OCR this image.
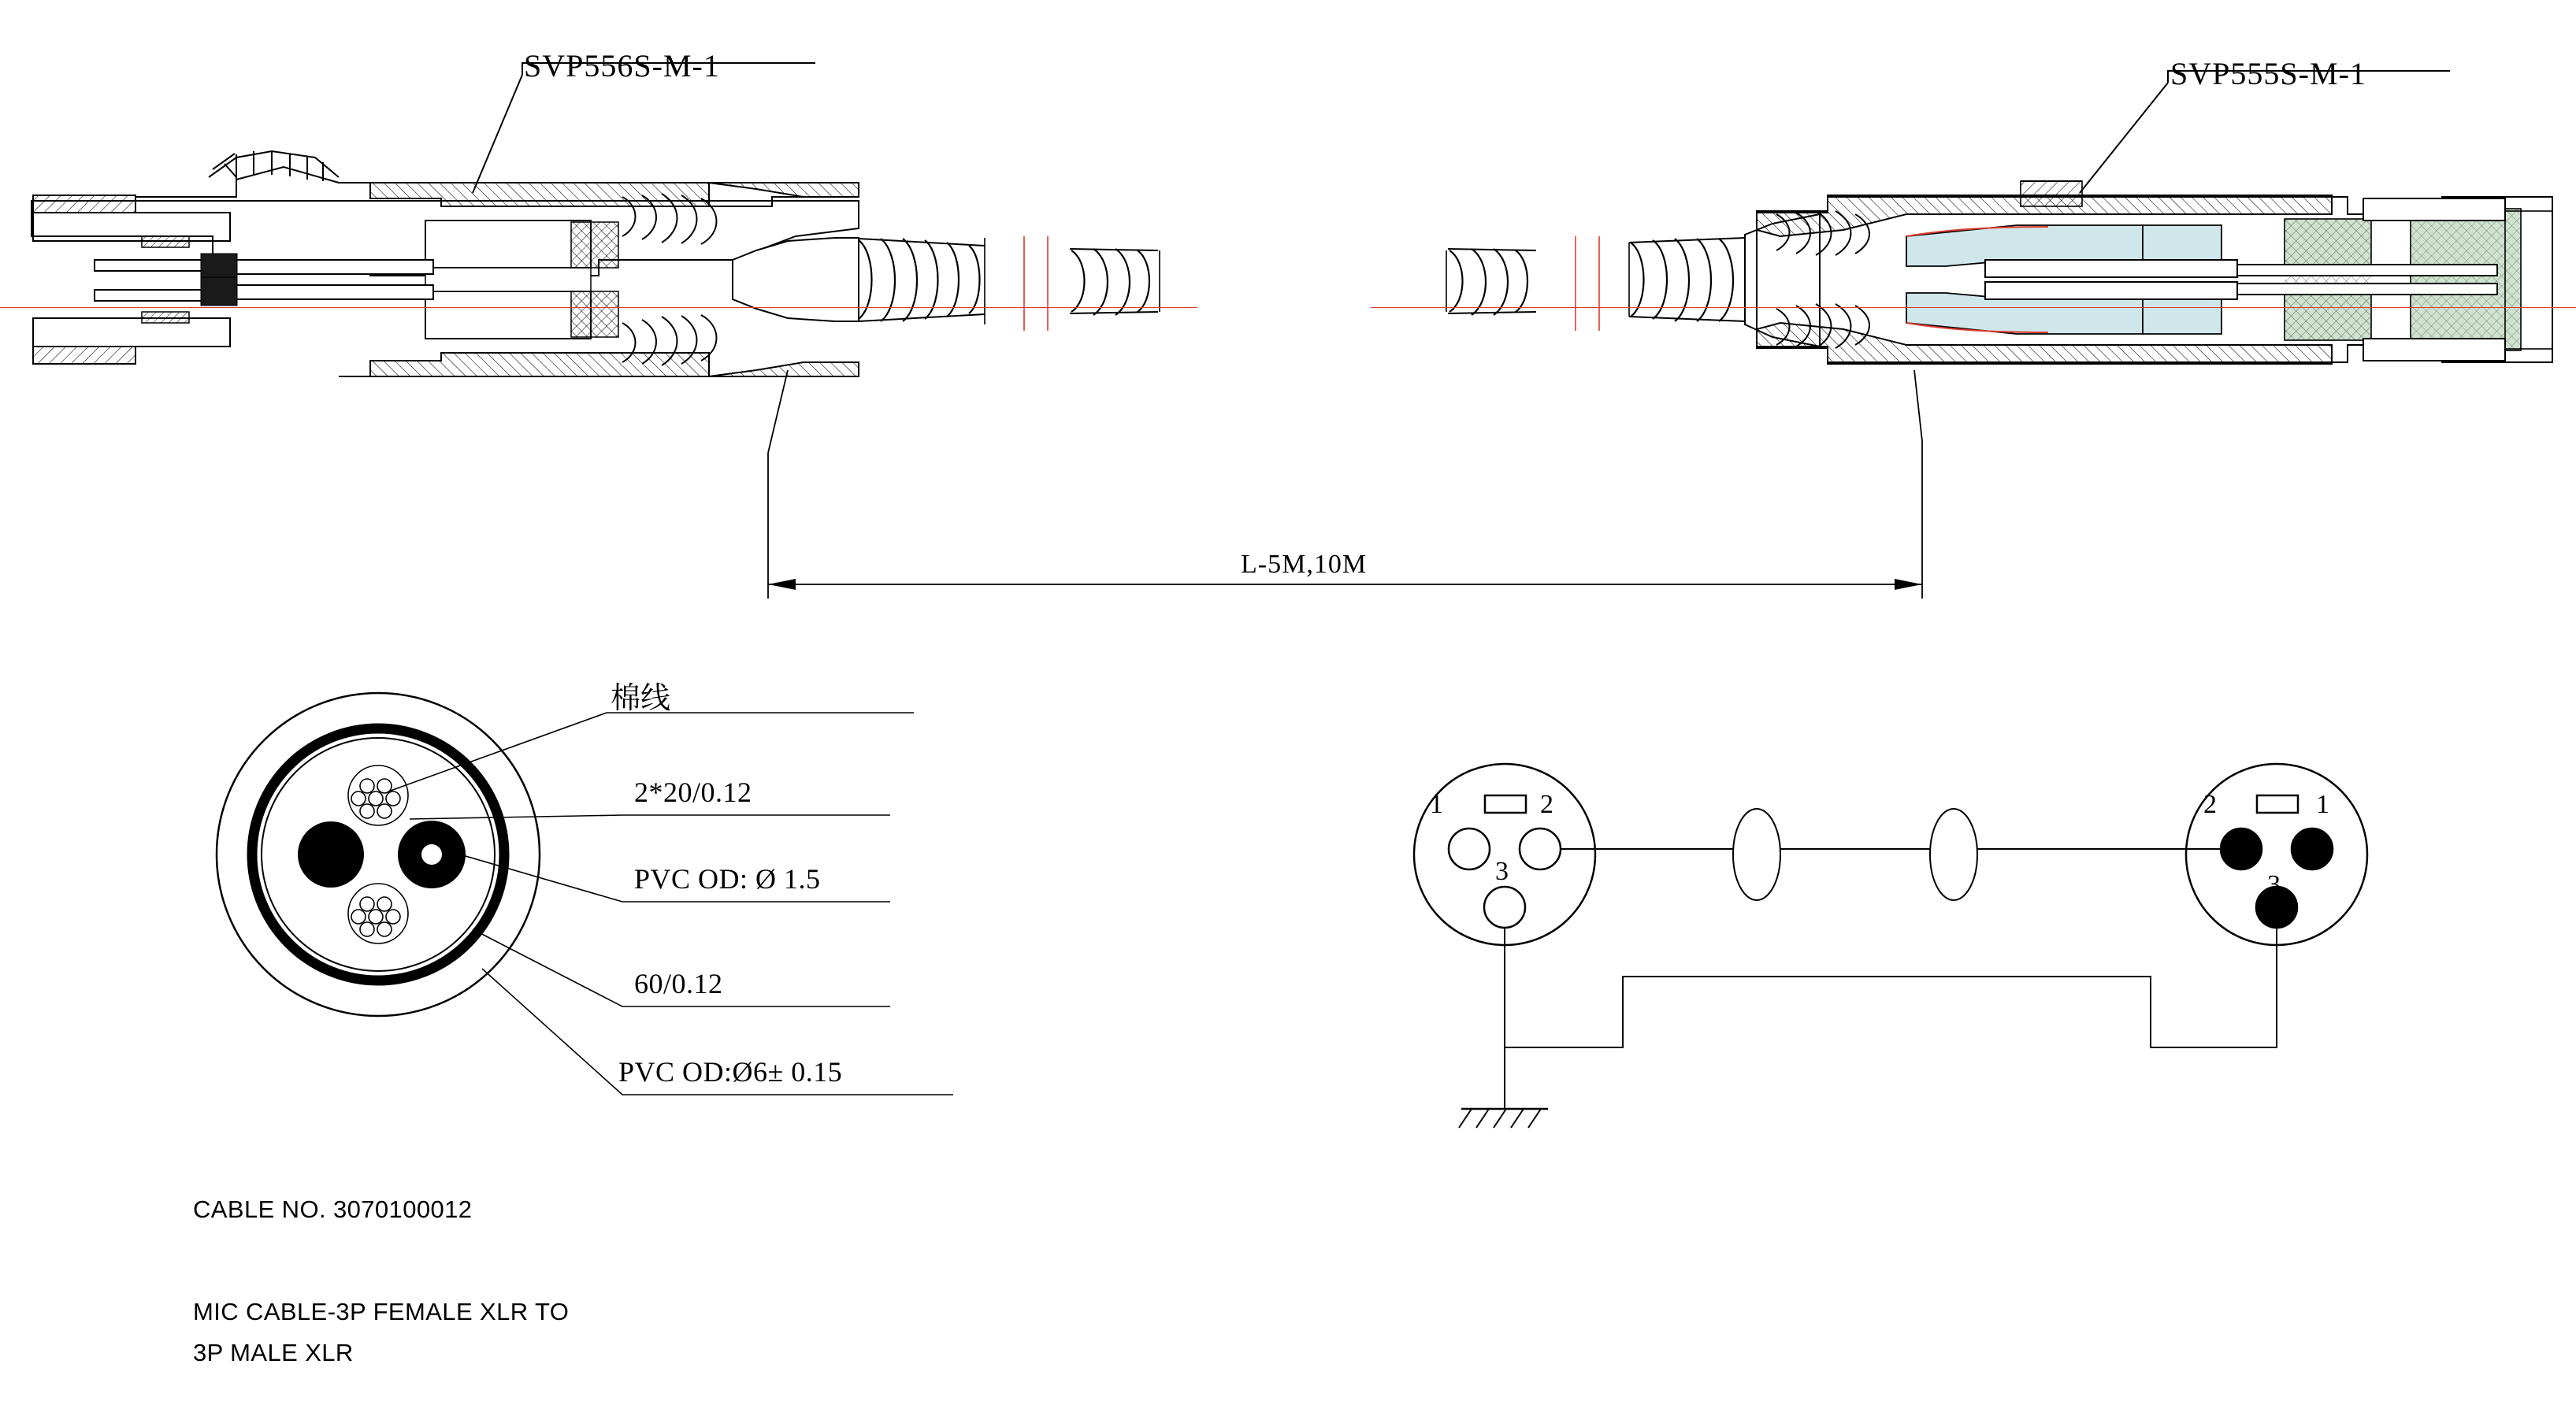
SVP556S-M-1	SVP555S-M-1
L-5M,10M
棉线
2*20/0.12
PVC OD: Ø 1.5
60/0.12
PVC OD:Ø6± 0.15
1	2
3
2	1
3
CABLE NO. 3070100012
MIC CABLE-3P FEMALE XLR TO
3P MALE XLR
